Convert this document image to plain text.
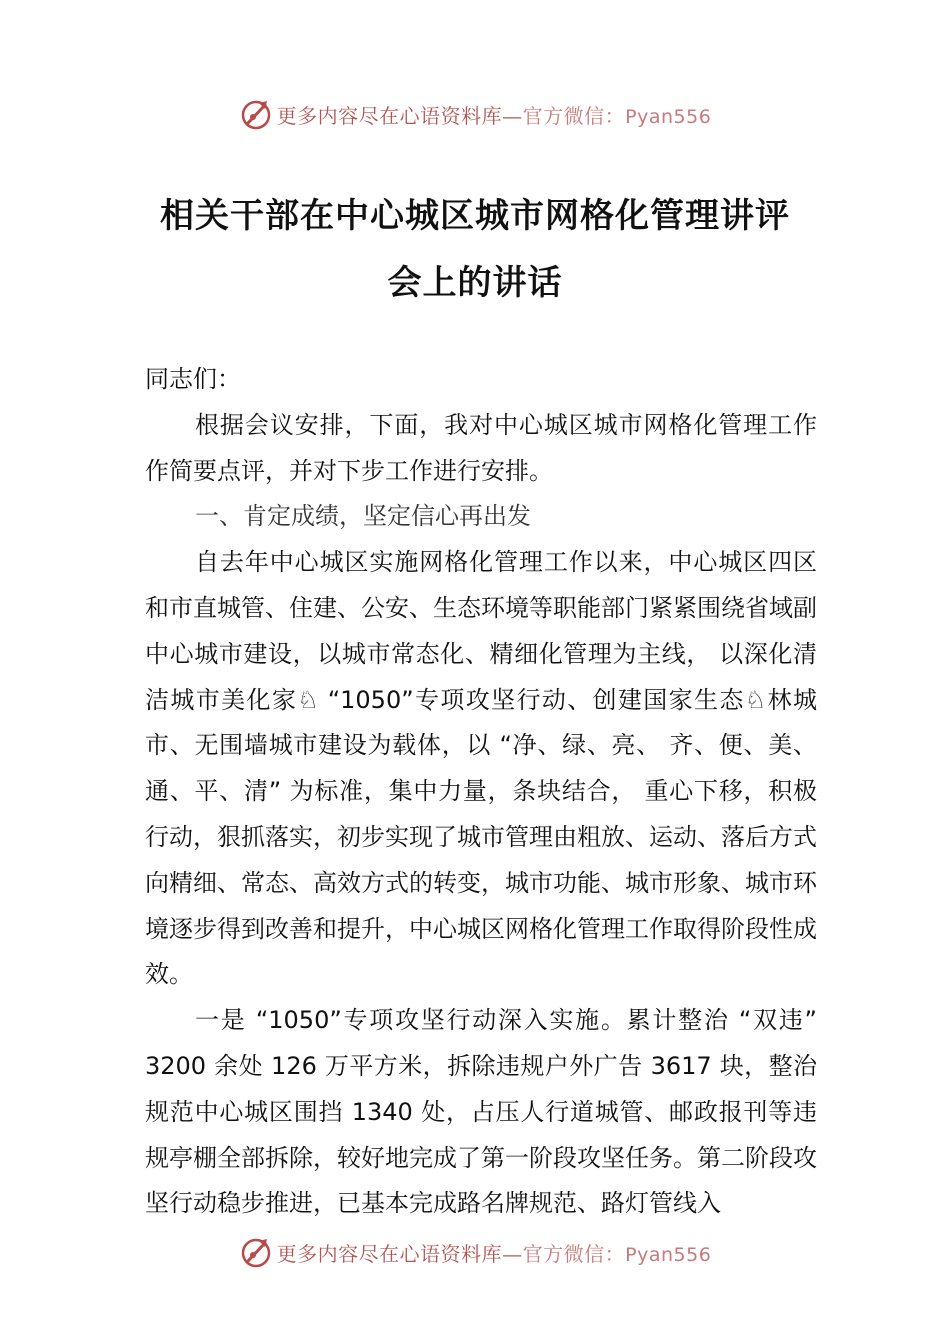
更多内容尽在心语资料库—官方微信：Pyan556
相关干部在中心城区城市网格化管理讲评
会上的讲话

同志们：

根据会议安排，下面，我对中心城区城市网格化管理工作作简要点评，并对下步工作进行安排。

一、肯定成绩，坚定信心再出发

自去年中心城区实施网格化管理工作以来，中心城区四区和市直城管、住建、公安、生态环境等职能部门紧紧围绕省域副中心城市建设，以城市常态化、精细化管理为主线， 以深化清洁城市美化家♘ “1050”专项攻坚行动、创建国家生态♘林城市、无围墙城市建设为载体，以 “净、绿、亮、 齐、便、美、通、平、清” 为标准，集中力量，条块结合， 重心下移，积极行动，狠抓落实，初步实现了城市管理由粗放、运动、落后方式向精细、常态、高效方式的转变，城市功能、城市形象、城市环境逐步得到改善和提升，中心城区网格化管理工作取得阶段性成效。

一是 “1050”专项攻坚行动深入实施。累计整治 “双违” 3200 余处 126 万平方米，拆除违规户外广告 3617 块，整治规范中心城区围挡 1340 处，占压人行道城管、邮政报刊等违规亭棚全部拆除，较好地完成了第一阶段攻坚任务。第二阶段攻坚行动稳步推进，已基本完成路名牌规范、路灯管线入

更多内容尽在心语资料库—官方微信：Pyan556
